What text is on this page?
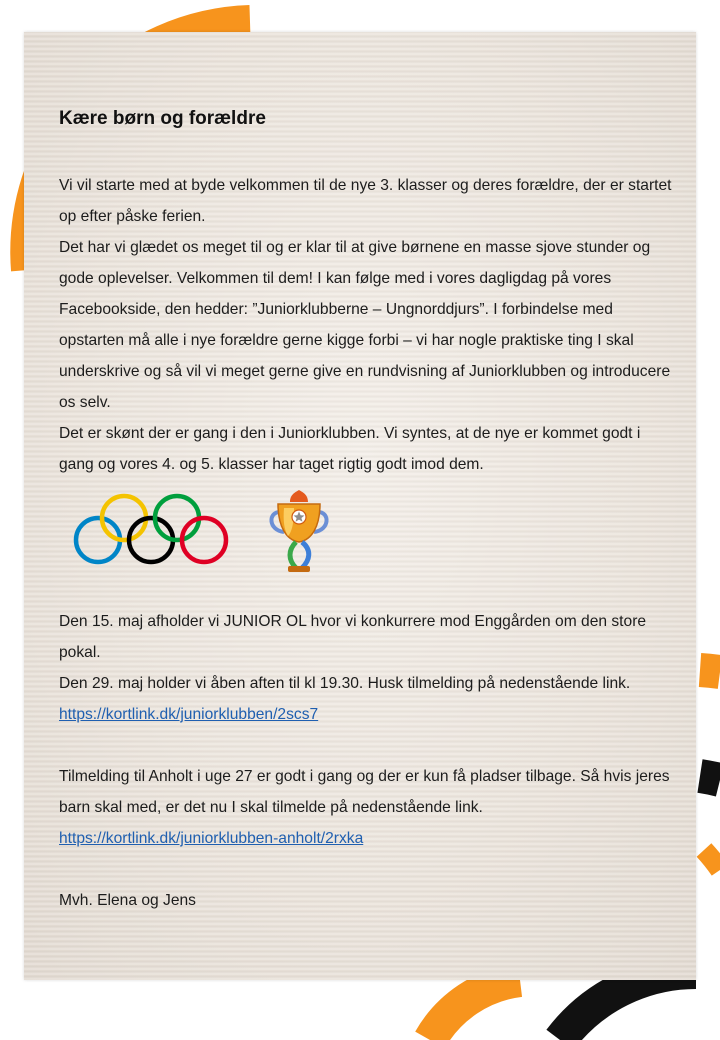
Kære børn og forældre

Vi vil starte med at byde velkommen til de nye 3. klasser og deres forældre, der er startet op efter påske ferien.

Det har vi glædet os meget til og er klar til at give børnene en masse sjove stunder og gode oplevelser. Velkommen til dem! I kan følge med i vores dagligdag på vores Facebookside, den hedder: ”Juniorklubberne – Ungnorddjurs”. I forbindelse med opstarten må alle i nye forældre gerne kigge forbi – vi har nogle praktiske ting I skal underskrive og så vil vi meget gerne give en rundvisning af Juniorklubben og introducere os selv.

Det er skønt der er gang i den i Juniorklubben. Vi syntes, at de nye er kommet godt i gang og vores 4. og 5. klasser har taget rigtig godt imod dem.

Den 15. maj afholder vi JUNIOR OL hvor vi konkurrere mod Enggården om den store pokal.

Den 29. maj holder vi åben aften til kl 19.30. Husk tilmelding på nedenstående link.

https://kortlink.dk/juniorklubben/2scs7

Tilmelding til Anholt i uge 27 er godt i gang og der er kun få pladser tilbage. Så hvis jeres barn skal med, er det nu I skal tilmelde på nedenstående link.

https://kortlink.dk/juniorklubben-anholt/2rxka

Mvh. Elena og Jens
